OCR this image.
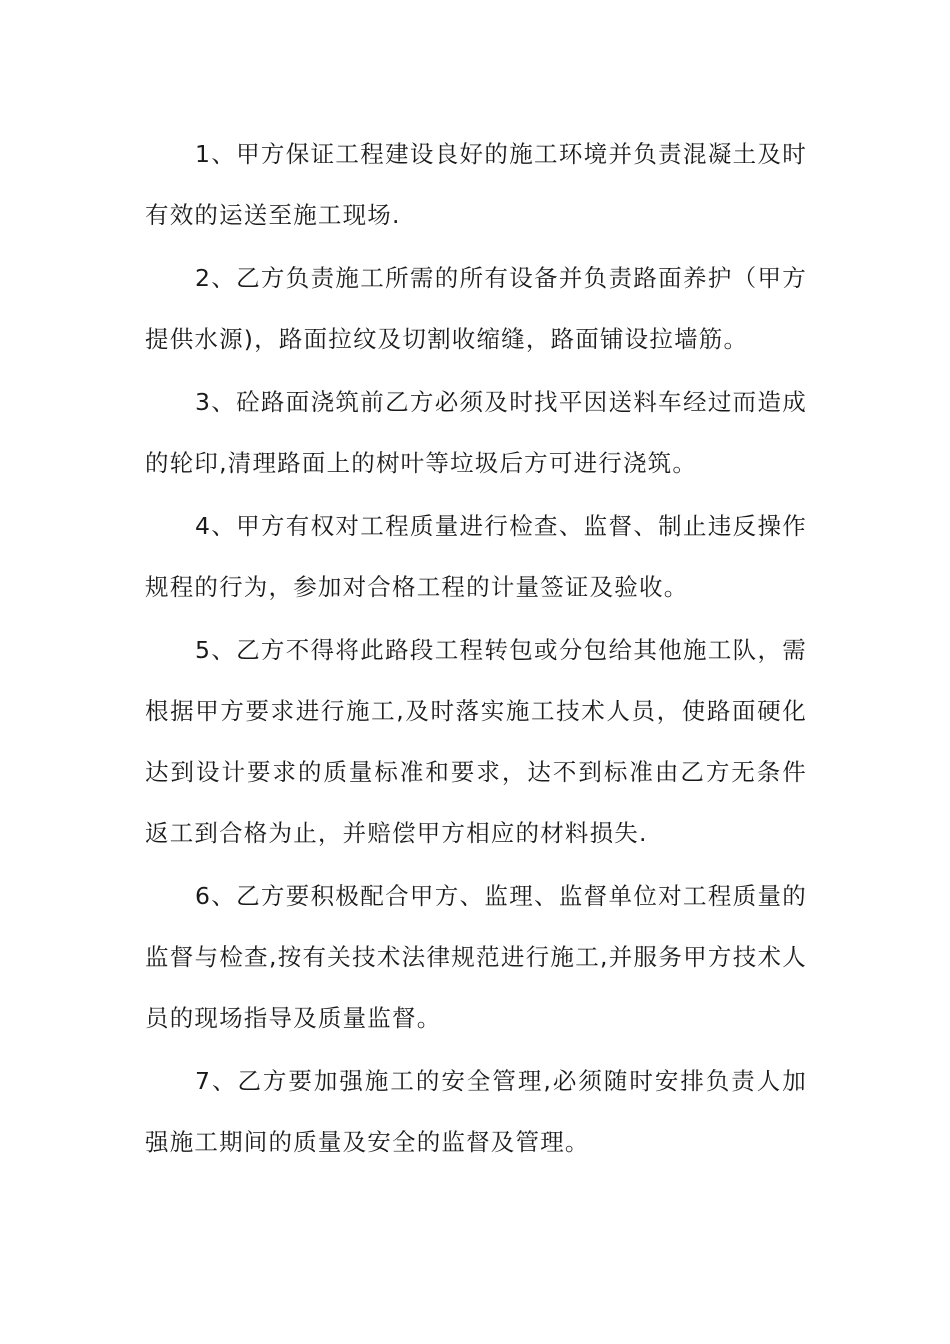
1、甲方保证工程建设良好的施工环境并负责混凝土及时有效的运送至施工现场.

2、乙方负责施工所需的所有设备并负责路面养护（甲方提供水源)，路面拉纹及切割收缩缝，路面铺设拉墙筋。

3、砼路面浇筑前乙方必须及时找平因送料车经过而造成的轮印,清理路面上的树叶等垃圾后方可进行浇筑。

4、甲方有权对工程质量进行检查、监督、制止违反操作规程的行为，参加对合格工程的计量签证及验收。

5、乙方不得将此路段工程转包或分包给其他施工队，需根据甲方要求进行施工,及时落实施工技术人员，使路面硬化达到设计要求的质量标准和要求，达不到标准由乙方无条件返工到合格为止，并赔偿甲方相应的材料损失.

6、乙方要积极配合甲方、监理、监督单位对工程质量的监督与检查,按有关技术法律规范进行施工,并服务甲方技术人员的现场指导及质量监督。

7、乙方要加强施工的安全管理,必须随时安排负责人加强施工期间的质量及安全的监督及管理。
